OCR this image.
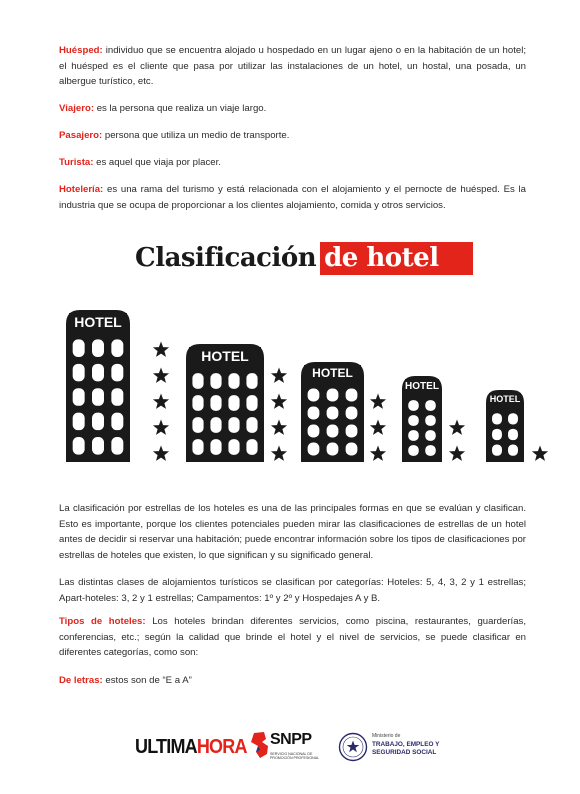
Huésped: individuo que se encuentra alojado u hospedado en un lugar ajeno o en la habitación de un hotel; el huésped es el cliente que pasa por utilizar las instalaciones de un hotel, un hostal, una posada, un albergue turístico, etc.

Viajero: es la persona que realiza un viaje largo.

Pasajero: persona que utiliza un medio de transporte.

Turista: es aquel que viaja por placer.

Hotelería: es una rama del turismo y está relacionada con el alojamiento y el pernocte de huésped. Es la industria que se ocupa de proporcionar a los clientes alojamiento, comida y otros servicios.

Clasificación de hotel
HOTEL
HOTEL
HOTEL
HOTEL
HOTEL

La clasificación por estrellas de los hoteles es una de las principales formas en que se evalúan y clasifican. Esto es importante, porque los clientes potenciales pueden mirar las clasificaciones de estrellas de un hotel antes de decidir si reservar una habitación; puede encontrar información sobre los tipos de clasificaciones por estrellas de hoteles que existen, lo que significan y su significado general.

Las distintas clases de alojamientos turísticos se clasifican por categorías: Hoteles: 5, 4, 3, 2 y 1 estrellas; Apart-hoteles: 3, 2 y 1 estrellas; Campamentos: 1º y 2º y Hospedajes A y B.

Tipos de hoteles: Los hoteles brindan diferentes servicios, como piscina, restaurantes, guarderías, conferencias, etc.; según la calidad que brinde el hotel y el nivel de servicios, se puede clasificar en diferentes categorías, como son:

De letras: estos son de “E a A”

ULTIMAHORA SNPP
SERVICIO NACIONAL DE PROMOCIÓN PROFESIONAL
Ministerio de
TRABAJO, EMPLEO Y SEGURIDAD SOCIAL
